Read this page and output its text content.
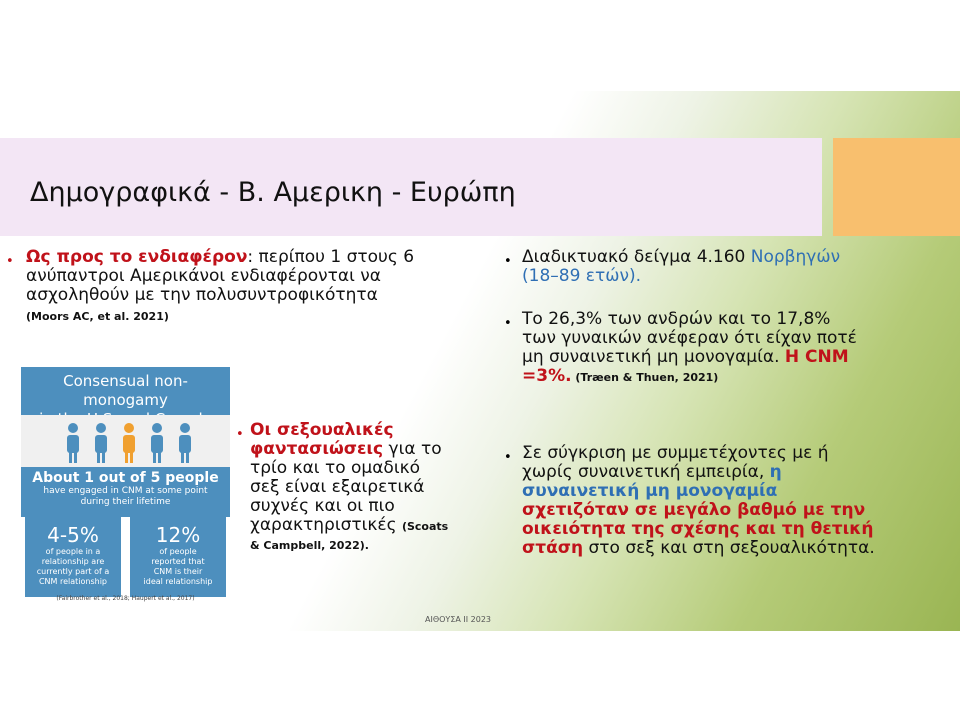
Δημογραφικά - Β. Αμερικη - Ευρώπη
• Ως προς το ενδιαφέρον: περίπου 1 στους 6
ανύπαντροι Αμερικάνοι ενδιαφέρονται να
ασχοληθούν με την πολυσυντροφικότητα
(Moors AC, et al. 2021)
Consensual non-monogamy
About 1 out of 5 people
have engaged in CNM at some point
during their lifetime
4-5%
of people in a
relationship are
currently part of a
CNM relationship
12%
of people
reported that
CNM is their
ideal relationship
(Fairbrother et al., 2018; Haupert et al., 2017)
• Οι σεξουαλικές
φαντασιώσεις για το
τρίο και το ομαδικό
σεξ είναι εξαιρετικά
συχνές και οι πιο
χαρακτηριστικές (Scoats
& Campbell, 2022).
• Διαδικτυακό δείγμα 4.160 Νορβηγών
(18–89 ετών).
• Το 26,3% των ανδρών και το 17,8%
των γυναικών ανέφεραν ότι είχαν ποτέ
μη συναινετική μη μονογαμία. Η CNM
=3%. (Træen & Thuen, 2021)
• Σε σύγκριση με συμμετέχοντες με ή
χωρίς συναινετική εμπειρία, η
συναινετική μη μονογαμία
σχετιζόταν σε μεγάλο βαθμό με την
οικειότητα της σχέσης και τη θετική
στάση στο σεξ και στη σεξουαλικότητα.
ΑΙΘΟΥΣΑ ΙΙ 2023
